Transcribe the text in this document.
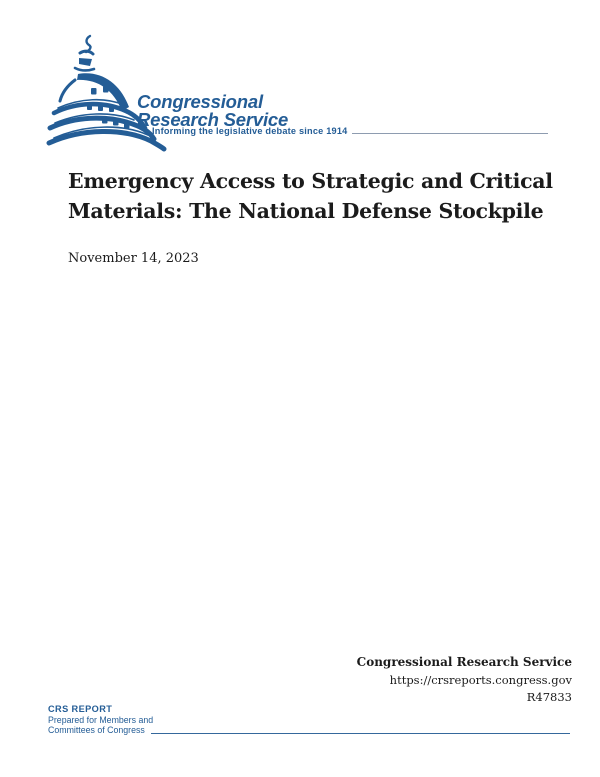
Congressional
Research Service
Informing the legislative debate since 1914
Emergency Access to Strategic and Critical
Materials: The National Defense Stockpile
November 14, 2023
Congressional Research Service
https://crsreports.congress.gov
R47833
CRS REPORT
Prepared for Members and
Committees of Congress
